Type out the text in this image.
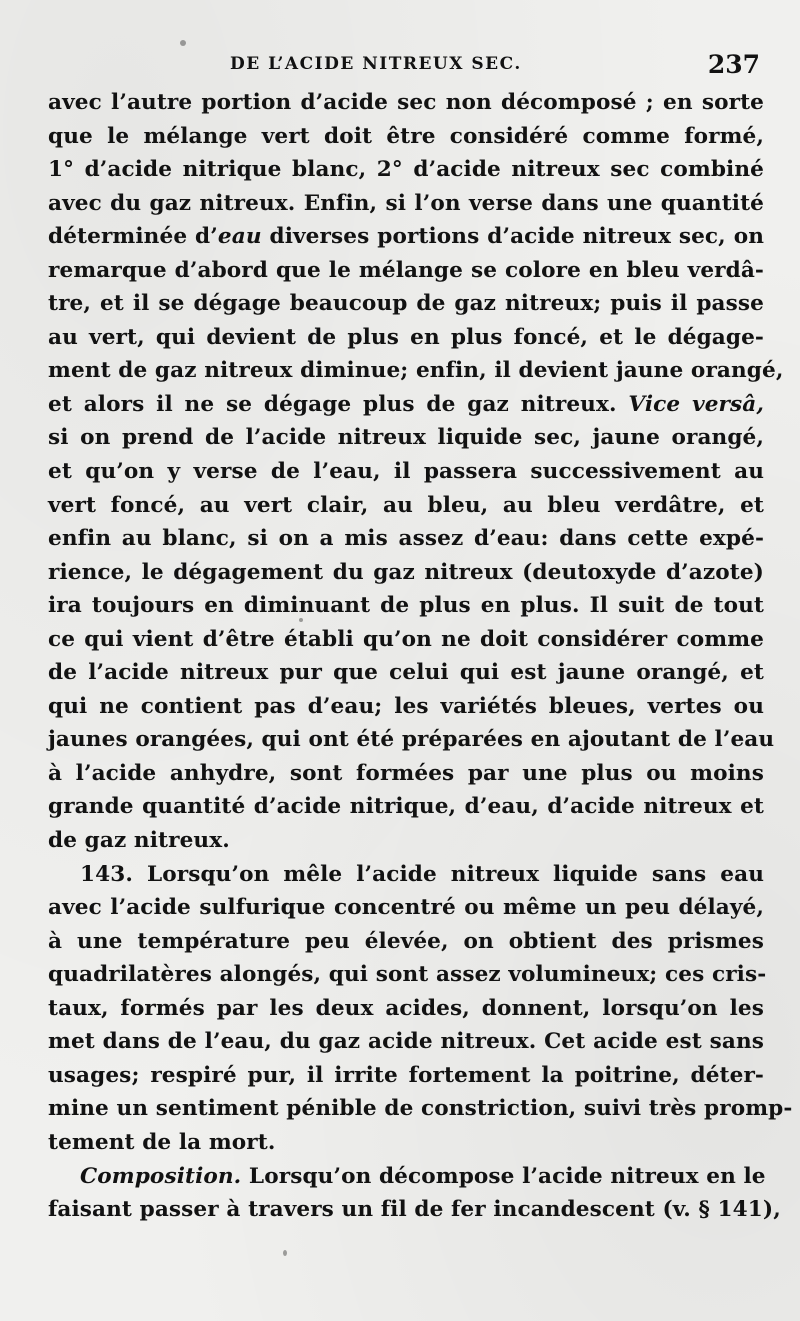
DE L’ACIDE NITREUX SEC.	237
avec l’autre portion d’acide sec non décomposé ; en sorte
que le mélange vert doit être considéré comme formé,
1° d’acide nitrique blanc, 2° d’acide nitreux sec combiné
avec du gaz nitreux. Enfin, si l’on verse dans une quantité
déterminée d’eau diverses portions d’acide nitreux sec, on
remarque d’abord que le mélange se colore en bleu verdâ-
tre, et il se dégage beaucoup de gaz nitreux; puis il passe
au vert, qui devient de plus en plus foncé, et le dégage-
ment de gaz nitreux diminue; enfin, il devient jaune orangé,
et alors il ne se dégage plus de gaz nitreux. Vice versâ,
si on prend de l’acide nitreux liquide sec, jaune orangé,
et qu’on y verse de l’eau, il passera successivement au
vert foncé, au vert clair, au bleu, au bleu verdâtre, et
enfin au blanc, si on a mis assez d’eau: dans cette expé-
rience, le dégagement du gaz nitreux (deutoxyde d’azote)
ira toujours en diminuant de plus en plus. Il suit de tout
ce qui vient d’être établi qu’on ne doit considérer comme
de l’acide nitreux pur que celui qui est jaune orangé, et
qui ne contient pas d’eau; les variétés bleues, vertes ou
jaunes orangées, qui ont été préparées en ajoutant de l’eau
à l’acide anhydre, sont formées par une plus ou moins
grande quantité d’acide nitrique, d’eau, d’acide nitreux et
de gaz nitreux.
143. Lorsqu’on mêle l’acide nitreux liquide sans eau
avec l’acide sulfurique concentré ou même un peu délayé,
à une température peu élevée, on obtient des prismes
quadrilatères alongés, qui sont assez volumineux; ces cris-
taux, formés par les deux acides, donnent, lorsqu’on les
met dans de l’eau, du gaz acide nitreux. Cet acide est sans
usages; respiré pur, il irrite fortement la poitrine, déter-
mine un sentiment pénible de constriction, suivi très promp-
tement de la mort.
Composition. Lorsqu’on décompose l’acide nitreux en le
faisant passer à travers un fil de fer incandescent (v. § 141),
